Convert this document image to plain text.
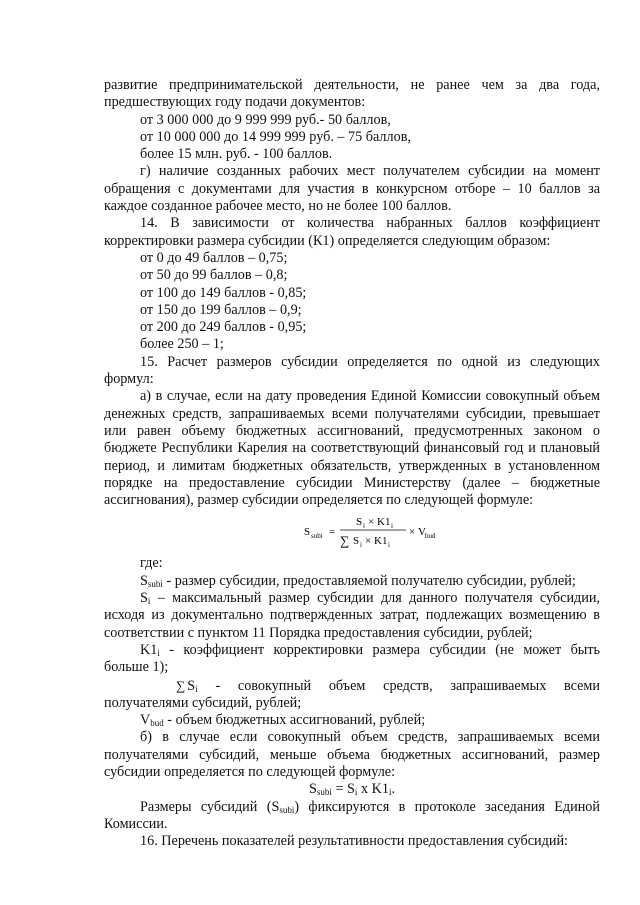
развитие предпринимательской деятельности, не ранее чем за два года, предшествующих году подачи документов:

от 3 000 000 до 9 999 999 руб.- 50 баллов,

от 10 000 000 до 14 999 999 руб. – 75 баллов,

более 15 млн. руб. - 100 баллов.

г) наличие созданных рабочих мест получателем субсидии на момент обращения с документами для участия в конкурсном отборе – 10 баллов за каждое созданное рабочее место, но не более 100 баллов.

14. В зависимости от количества набранных баллов коэффициент корректировки размера субсидии (К1) определяется следующим образом:

от 0 до 49 баллов – 0,75;

от 50 до 99 баллов – 0,8;

от 100 до 149 баллов - 0,85;

от 150 до 199 баллов – 0,9;

от 200 до 249 баллов - 0,95;

более 250 – 1;

15. Расчет размеров субсидии определяется по одной из следующих формул:

а) в случае, если на дату проведения Единой Комиссии совокупный объем денежных средств, запрашиваемых всеми получателями субсидии, превышает или равен объему бюджетных ассигнований, предусмотренных законом о бюджете Республики Карелия на соответствующий финансовый год и плановый период, и лимитам бюджетных обязательств, утвержденных в установленном порядке на предоставление субсидии Министерству (далее – бюджетные ассигнования), размер субсидии определяется по следующей формуле:

S subi =
S i × K1 i
∑ S i × K1 i
× V bud

где:

$S_{subi}$ - размер субсидии, предоставляемой получателю субсидии, рублей;

$S_i$ – максимальный размер субсидии для данного получателя субсидии, исходя из документально подтвержденных затрат, подлежащих возмещению в соответствии с пунктом 11 Порядка предоставления субсидии, рублей;

$K1_i$ - коэффициент корректировки размера субсидии (не может быть больше 1);

∑ $S_i$ - совокупный объем средств, запрашиваемых всеми получателями субсидий, рублей;

$V_{bud}$ - объем бюджетных ассигнований, рублей;

б) в случае если совокупный объем средств, запрашиваемых всеми получателями субсидий, меньше объема бюджетных ассигнований, размер субсидии определяется по следующей формуле:

$S_{subi} = S_i$ x $K1_i$.

Размеры субсидий $(S_{subi})$ фиксируются в протоколе заседания Единой Комиссии.

16. Перечень показателей результативности предоставления субсидий:
